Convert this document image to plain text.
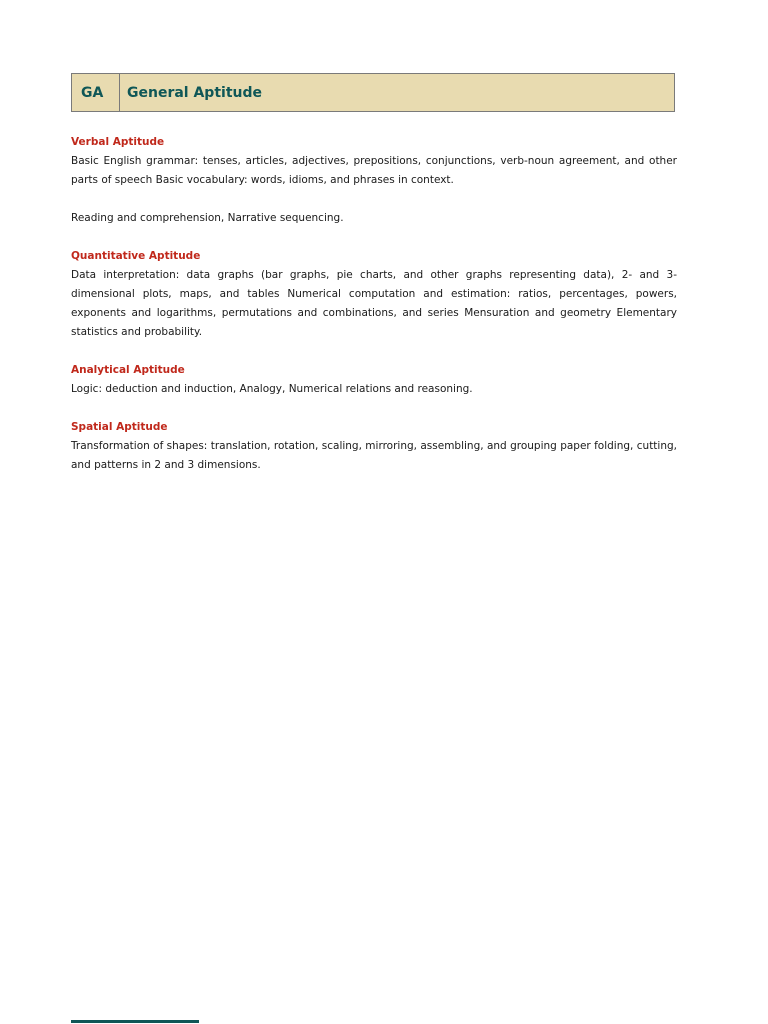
GA	General Aptitude
Verbal Aptitude

Basic English grammar: tenses, articles, adjectives, prepositions, conjunctions, verb-noun agreement, and other parts of speech Basic vocabulary: words, idioms, and phrases in context.

Reading and comprehension, Narrative sequencing.

Quantitative Aptitude

Data interpretation: data graphs (bar graphs, pie charts, and other graphs representing data), 2- and 3-dimensional plots, maps, and tables Numerical computation and estimation: ratios, percentages, powers, exponents and logarithms, permutations and combinations, and series Mensuration and geometry Elementary statistics and probability.

Analytical Aptitude

Logic: deduction and induction, Analogy, Numerical relations and reasoning.

Spatial Aptitude

Transformation of shapes: translation, rotation, scaling, mirroring, assembling, and grouping paper folding, cutting, and patterns in 2 and 3 dimensions.
